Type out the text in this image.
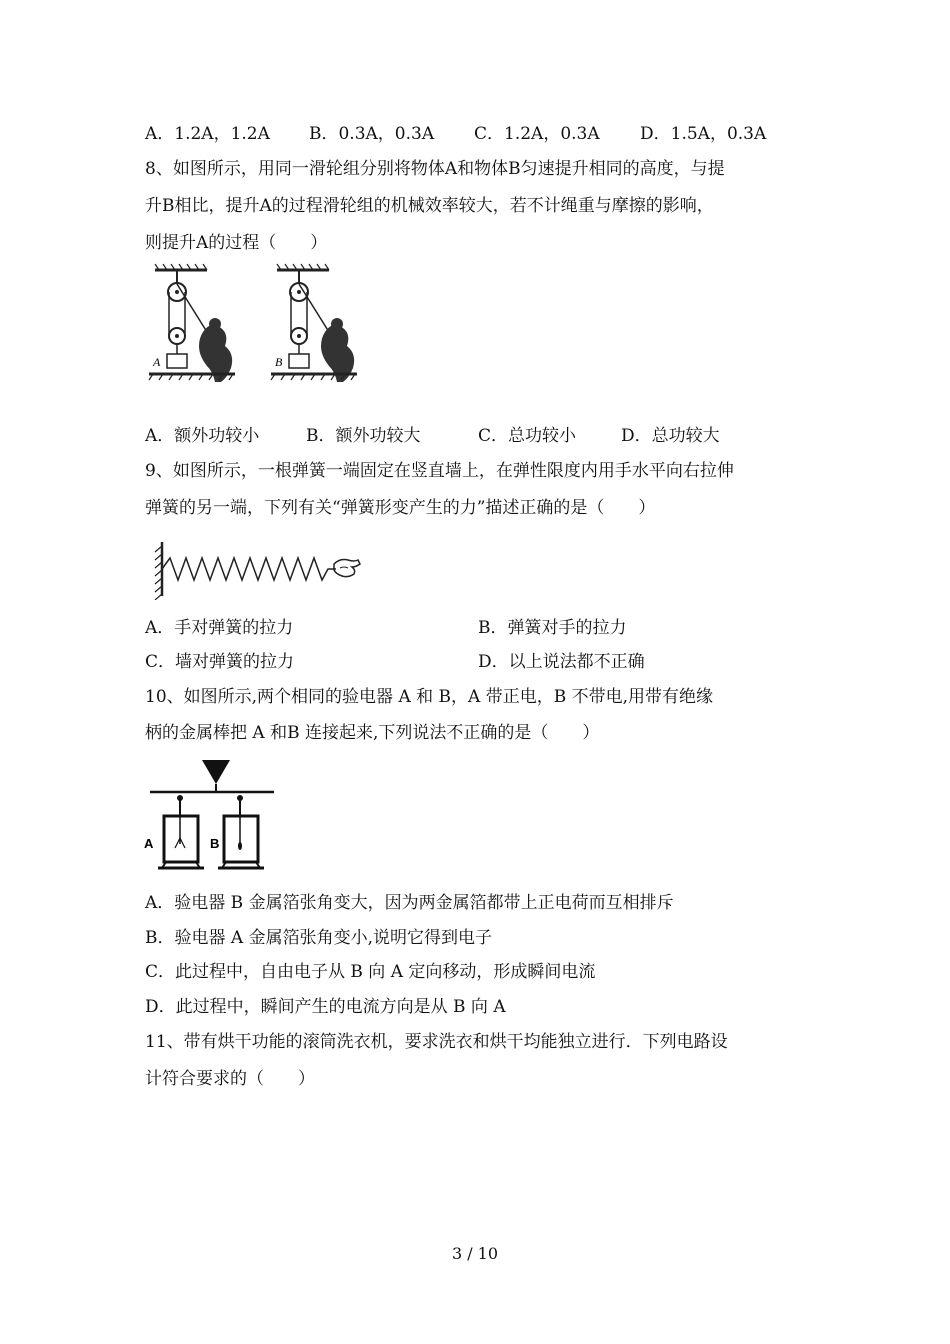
A．1.2A，1.2A B．0.3A，0.3A C．1.2A，0.3A D．1.5A，0.3A
8、如图所示，用同一滑轮组分别将物体A和物体B匀速提升相同的高度，与提
升B相比，提升A的过程滑轮组的机械效率较大，若不计绳重与摩擦的影响，
则提升A的过程（　　）
A	B
A．额外功较小	B．额外功较大	C．总功较小	D．总功较大
9、如图所示，一根弹簧一端固定在竖直墙上，在弹性限度内用手水平向右拉伸
弹簧的另一端，下列有关“弹簧形变产生的力”描述正确的是（　　）
A．手对弹簧的拉力	B．弹簧对手的拉力
C．墙对弹簧的拉力	D．以上说法都不正确
10、如图所示,两个相同的验电器 A 和 B，A 带正电，B 不带电,用带有绝缘
柄的金属棒把 A 和B 连接起来,下列说法不正确的是（　　）
A	B
A．验电器 B 金属箔张角变大，因为两金属箔都带上正电荷而互相排斥
B．验电器 A 金属箔张角变小,说明它得到电子
C．此过程中，自由电子从 B 向 A 定向移动，形成瞬间电流
D．此过程中，瞬间产生的电流方向是从 B 向 A
11、带有烘干功能的滚筒洗衣机，要求洗衣和烘干均能独立进行．下列电路设
计符合要求的（　　）
3 / 10
